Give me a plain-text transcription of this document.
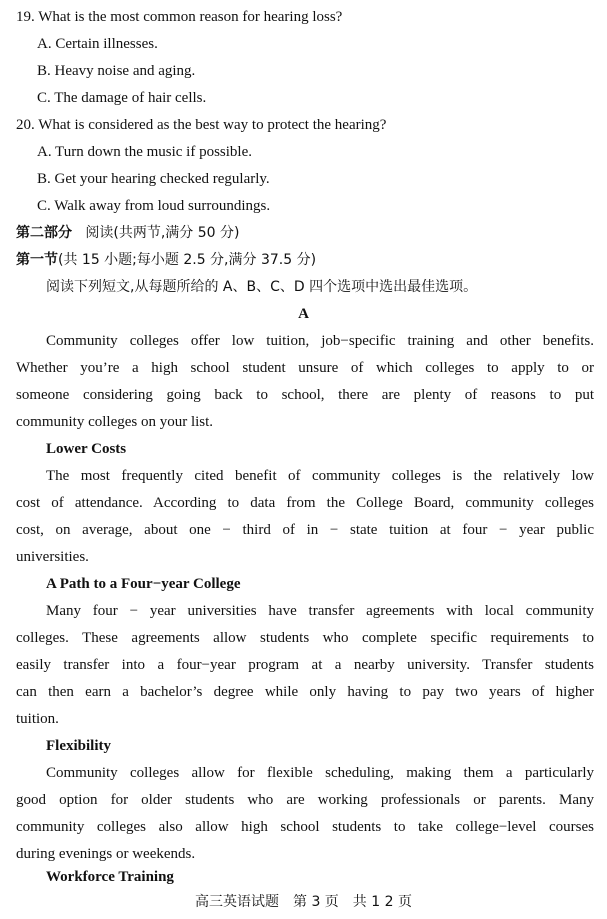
19. What is the most common reason for hearing loss?
A. Certain illnesses.
B. Heavy noise and aging.
C. The damage of hair cells.
20. What is considered as the best way to protect the hearing?
A. Turn down the music if possible.
B. Get your hearing checked regularly.
C. Walk away from loud surroundings.
第二部分 阅读(共两节,满分 50 分)
第一节(共 15 小题;每小题 2.5 分,满分 37.5 分)
阅读下列短文,从每题所给的 A、B、C、D 四个选项中选出最佳选项。
A
Community colleges offer low tuition, job−specific training and other benefits.
Whether you’re a high school student unsure of which colleges to apply to or
someone considering going back to school, there are plenty of reasons to put
community colleges on your list.
Lower Costs
The most frequently cited benefit of community colleges is the relatively low
cost of attendance. According to data from the College Board, community colleges
cost, on average, about one − third of in − state tuition at four − year public
universities.
A Path to a Four−year College
Many four − year universities have transfer agreements with local community
colleges. These agreements allow students who complete specific requirements to
easily transfer into a four−year program at a nearby university. Transfer students
can then earn a bachelor’s degree while only having to pay two years of higher
tuition.
Flexibility
Community colleges allow for flexible scheduling, making them a particularly
good option for older students who are working professionals or parents. Many
community colleges also allow high school students to take college−level courses
during evenings or weekends.
Workforce Training
高三英语试题　第 3 页　共 1 2 页
